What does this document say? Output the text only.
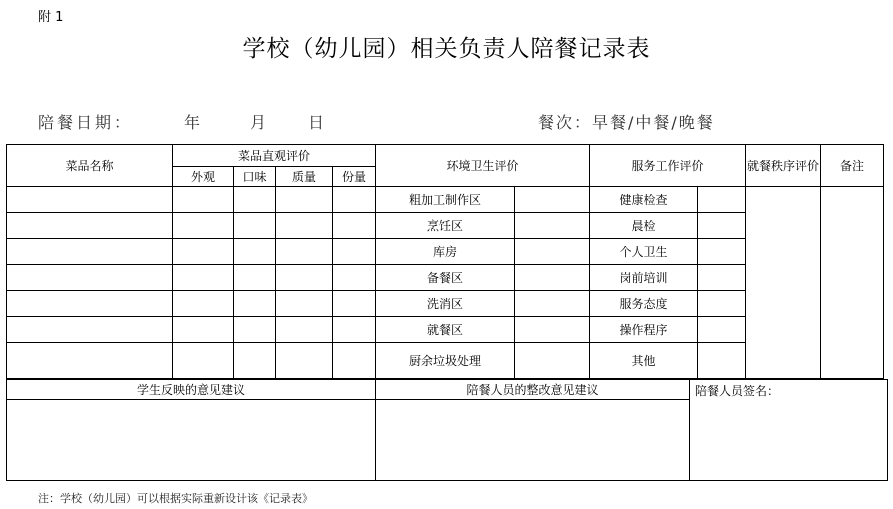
附 1
学校（幼儿园）相关负责人陪餐记录表
陪餐日期：	年	月 日	餐次：早餐/中餐/晚餐
菜品名称	菜品直观评价				环境卫生评价		服务工作评价		就餐秩序评价	备注
	外观	口味	质量	份量						
					粗加工制作区		健康检查			
					烹饪区		晨检			
					库房		个人卫生			
					备餐区		岗前培训			
					洗消区		服务态度			
					就餐区		操作程序			
					厨余垃圾处理		其他			
学生反映的意见建议	陪餐人员的整改意见建议	陪餐人员签名：

注：学校（幼儿园）可以根据实际重新设计该《记录表》
